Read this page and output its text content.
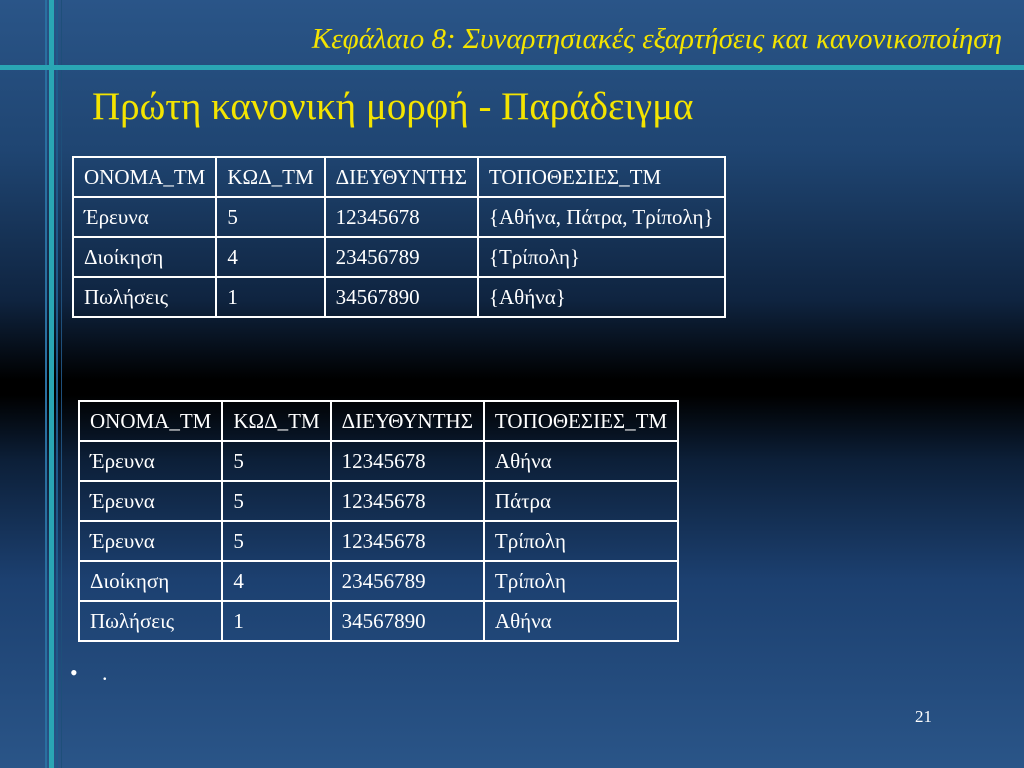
Κεφάλαιο 8: Συναρτησιακές εξαρτήσεις και κανονικοποίηση
Πρώτη κανονική μορφή - Παράδειγμα
ΟΝΟΜΑ_ΤΜ	ΚΩΔ_ΤΜ	ΔΙΕΥΘΥΝΤΗΣ	ΤΟΠΟΘΕΣΙΕΣ_ΤΜ
Έρευνα	5	12345678	{Αθήνα, Πάτρα, Τρίπολη}
Διοίκηση	4	23456789	{Τρίπολη}
Πωλήσεις	1	34567890	{Αθήνα}
ΟΝΟΜΑ_ΤΜ	ΚΩΔ_ΤΜ	ΔΙΕΥΘΥΝΤΗΣ	ΤΟΠΟΘΕΣΙΕΣ_ΤΜ
Έρευνα	5	12345678	Αθήνα
Έρευνα	5	12345678	Πάτρα
Έρευνα	5	12345678	Τρίπολη
Διοίκηση	4	23456789	Τρίπολη
Πωλήσεις	1	34567890	Αθήνα
• .
21
